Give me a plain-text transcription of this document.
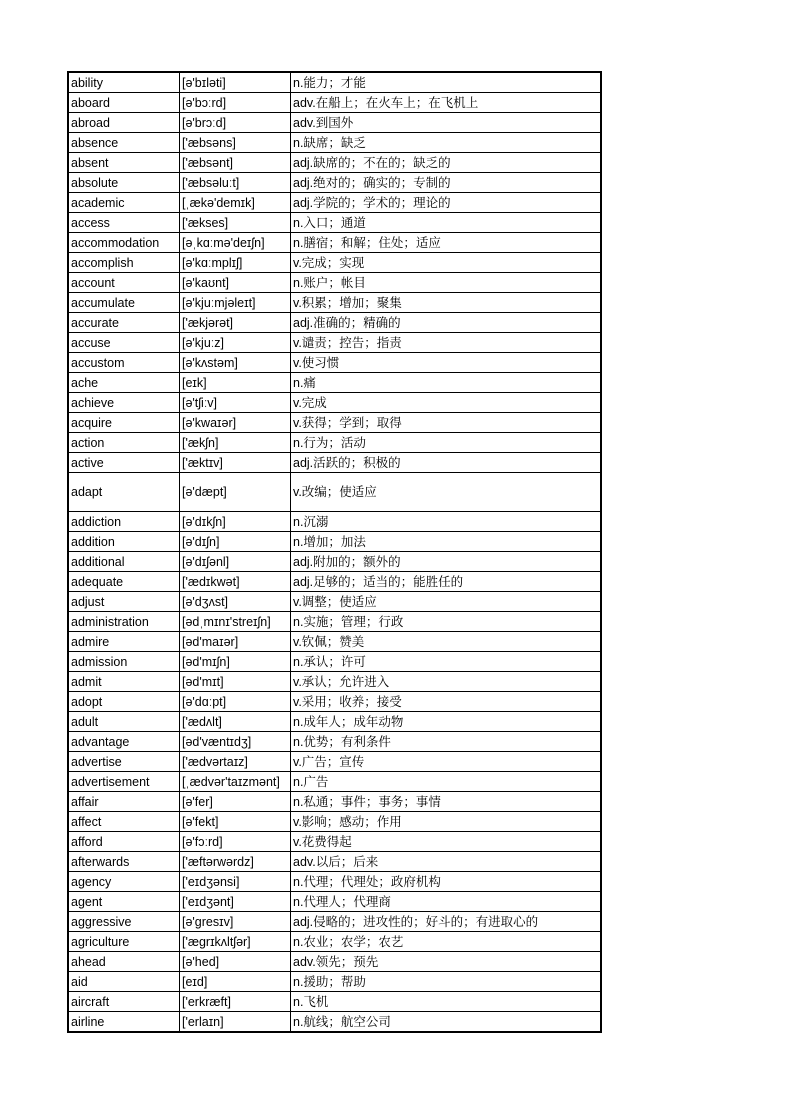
ability	[ə'bɪləti]	n.能力；才能
aboard	[ə'bɔːrd]	adv.在船上；在火车上；在飞机上
abroad	[ə'brɔːd]	adv.到国外
absence	['æbsəns]	n.缺席；缺乏
absent	['æbsənt]	adj.缺席的；不在的；缺乏的
absolute	['æbsəluːt]	adj.绝对的；确实的；专制的
academic	[ˌækə'demɪk]	adj.学院的；学术的；理论的
access	['ækses]	n.入口；通道
accommodation	[əˌkɑːmə'deɪʃn]	n.膳宿；和解；住处；适应
accomplish	[ə'kɑːmplɪʃ]	v.完成；实现
account	[ə'kaʊnt]	n.账户；帐目
accumulate	[ə'kjuːmjəleɪt]	v.积累；增加；聚集
accurate	['ækjərət]	adj.准确的；精确的
accuse	[ə'kjuːz]	v.谴责；控告；指责
accustom	[ə'kʌstəm]	v.使习惯
ache	[eɪk]	n.痛
achieve	[ə'tʃiːv]	v.完成
acquire	[ə'kwaɪər]	v.获得；学到；取得
action	['ækʃn]	n.行为；活动
active	['æktɪv]	adj.活跃的；积极的
adapt	[ə'dæpt]	v.改编；使适应
addiction	[ə'dɪkʃn]	n.沉溺
addition	[ə'dɪʃn]	n.增加；加法
additional	[ə'dɪʃənl]	adj.附加的；额外的
adequate	['ædɪkwət]	adj.足够的；适当的；能胜任的
adjust	[ə'dʒʌst]	v.调整；使适应
administration	[ədˌmɪnɪ'streɪʃn]	n.实施；管理；行政
admire	[əd'maɪər]	v.钦佩；赞美
admission	[əd'mɪʃn]	n.承认；许可
admit	[əd'mɪt]	v.承认；允许进入
adopt	[ə'dɑːpt]	v.采用；收养；接受
adult	['ædʌlt]	n.成年人；成年动物
advantage	[əd'væntɪdʒ]	n.优势；有利条件
advertise	['ædvərtaɪz]	v.广告；宣传
advertisement	[ˌædvər'taɪzmənt]	n.广告
affair	[ə'fer]	n.私通；事件；事务；事情
affect	[ə'fekt]	v.影响；感动；作用
afford	[ə'fɔːrd]	v.花费得起
afterwards	['æftərwərdz]	adv.以后；后来
agency	['eɪdʒənsi]	n.代理；代理处；政府机构
agent	['eɪdʒənt]	n.代理人；代理商
aggressive	[ə'gresɪv]	adj.侵略的；进攻性的；好斗的；有进取心的
agriculture	['ægrɪkʌltʃər]	n.农业；农学；农艺
ahead	[ə'hed]	adv.领先；预先
aid	[eɪd]	n.援助；帮助
aircraft	['erkræft]	n.飞机
airline	['erlaɪn]	n.航线；航空公司
